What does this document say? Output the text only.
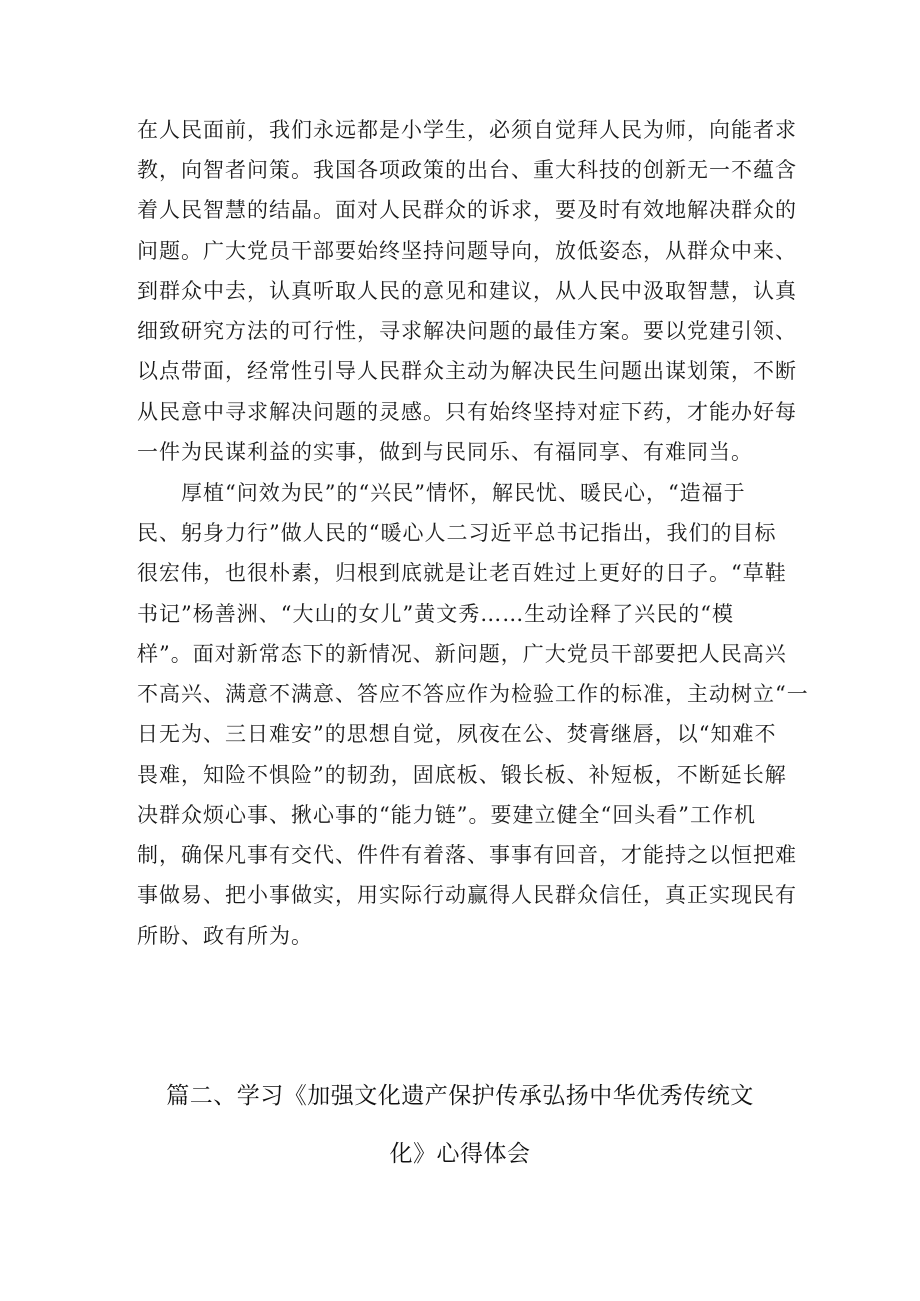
在人民面前，我们永远都是小学生，必须自觉拜人民为师，向能者求
教，向智者问策。我国各项政策的出台、重大科技的创新无一不蕴含
着人民智慧的结晶。面对人民群众的诉求，要及时有效地解决群众的
问题。广大党员干部要始终坚持问题导向，放低姿态，从群众中来、
到群众中去，认真听取人民的意见和建议，从人民中汲取智慧，认真
细致研究方法的可行性，寻求解决问题的最佳方案。要以党建引领、
以点带面，经常性引导人民群众主动为解决民生问题出谋划策，不断
从民意中寻求解决问题的灵感。只有始终坚持对症下药，才能办好每
一件为民谋利益的实事，做到与民同乐、有福同享、有难同当。
　　厚植“问效为民”的“兴民”情怀，解民忧、暖民心，“造福于
民、躬身力行”做人民的“暖心人二习近平总书记指出，我们的目标
很宏伟，也很朴素，归根到底就是让老百姓过上更好的日子。“草鞋
书记”杨善洲、“大山的女儿”黄文秀……生动诠释了兴民的“模
样”。面对新常态下的新情况、新问题，广大党员干部要把人民高兴
不高兴、满意不满意、答应不答应作为检验工作的标准，主动树立“一
日无为、三日难安”的思想自觉，夙夜在公、焚膏继唇，以“知难不
畏难，知险不惧险”的韧劲，固底板、锻长板、补短板，不断延长解
决群众烦心事、揪心事的“能力链”。要建立健全“回头看”工作机
制，确保凡事有交代、件件有着落、事事有回音，才能持之以恒把难
事做易、把小事做实，用实际行动赢得人民群众信任，真正实现民有
所盼、政有所为。
篇二、学习《加强文化遗产保护传承弘扬中华优秀传统文
化》心得体会
